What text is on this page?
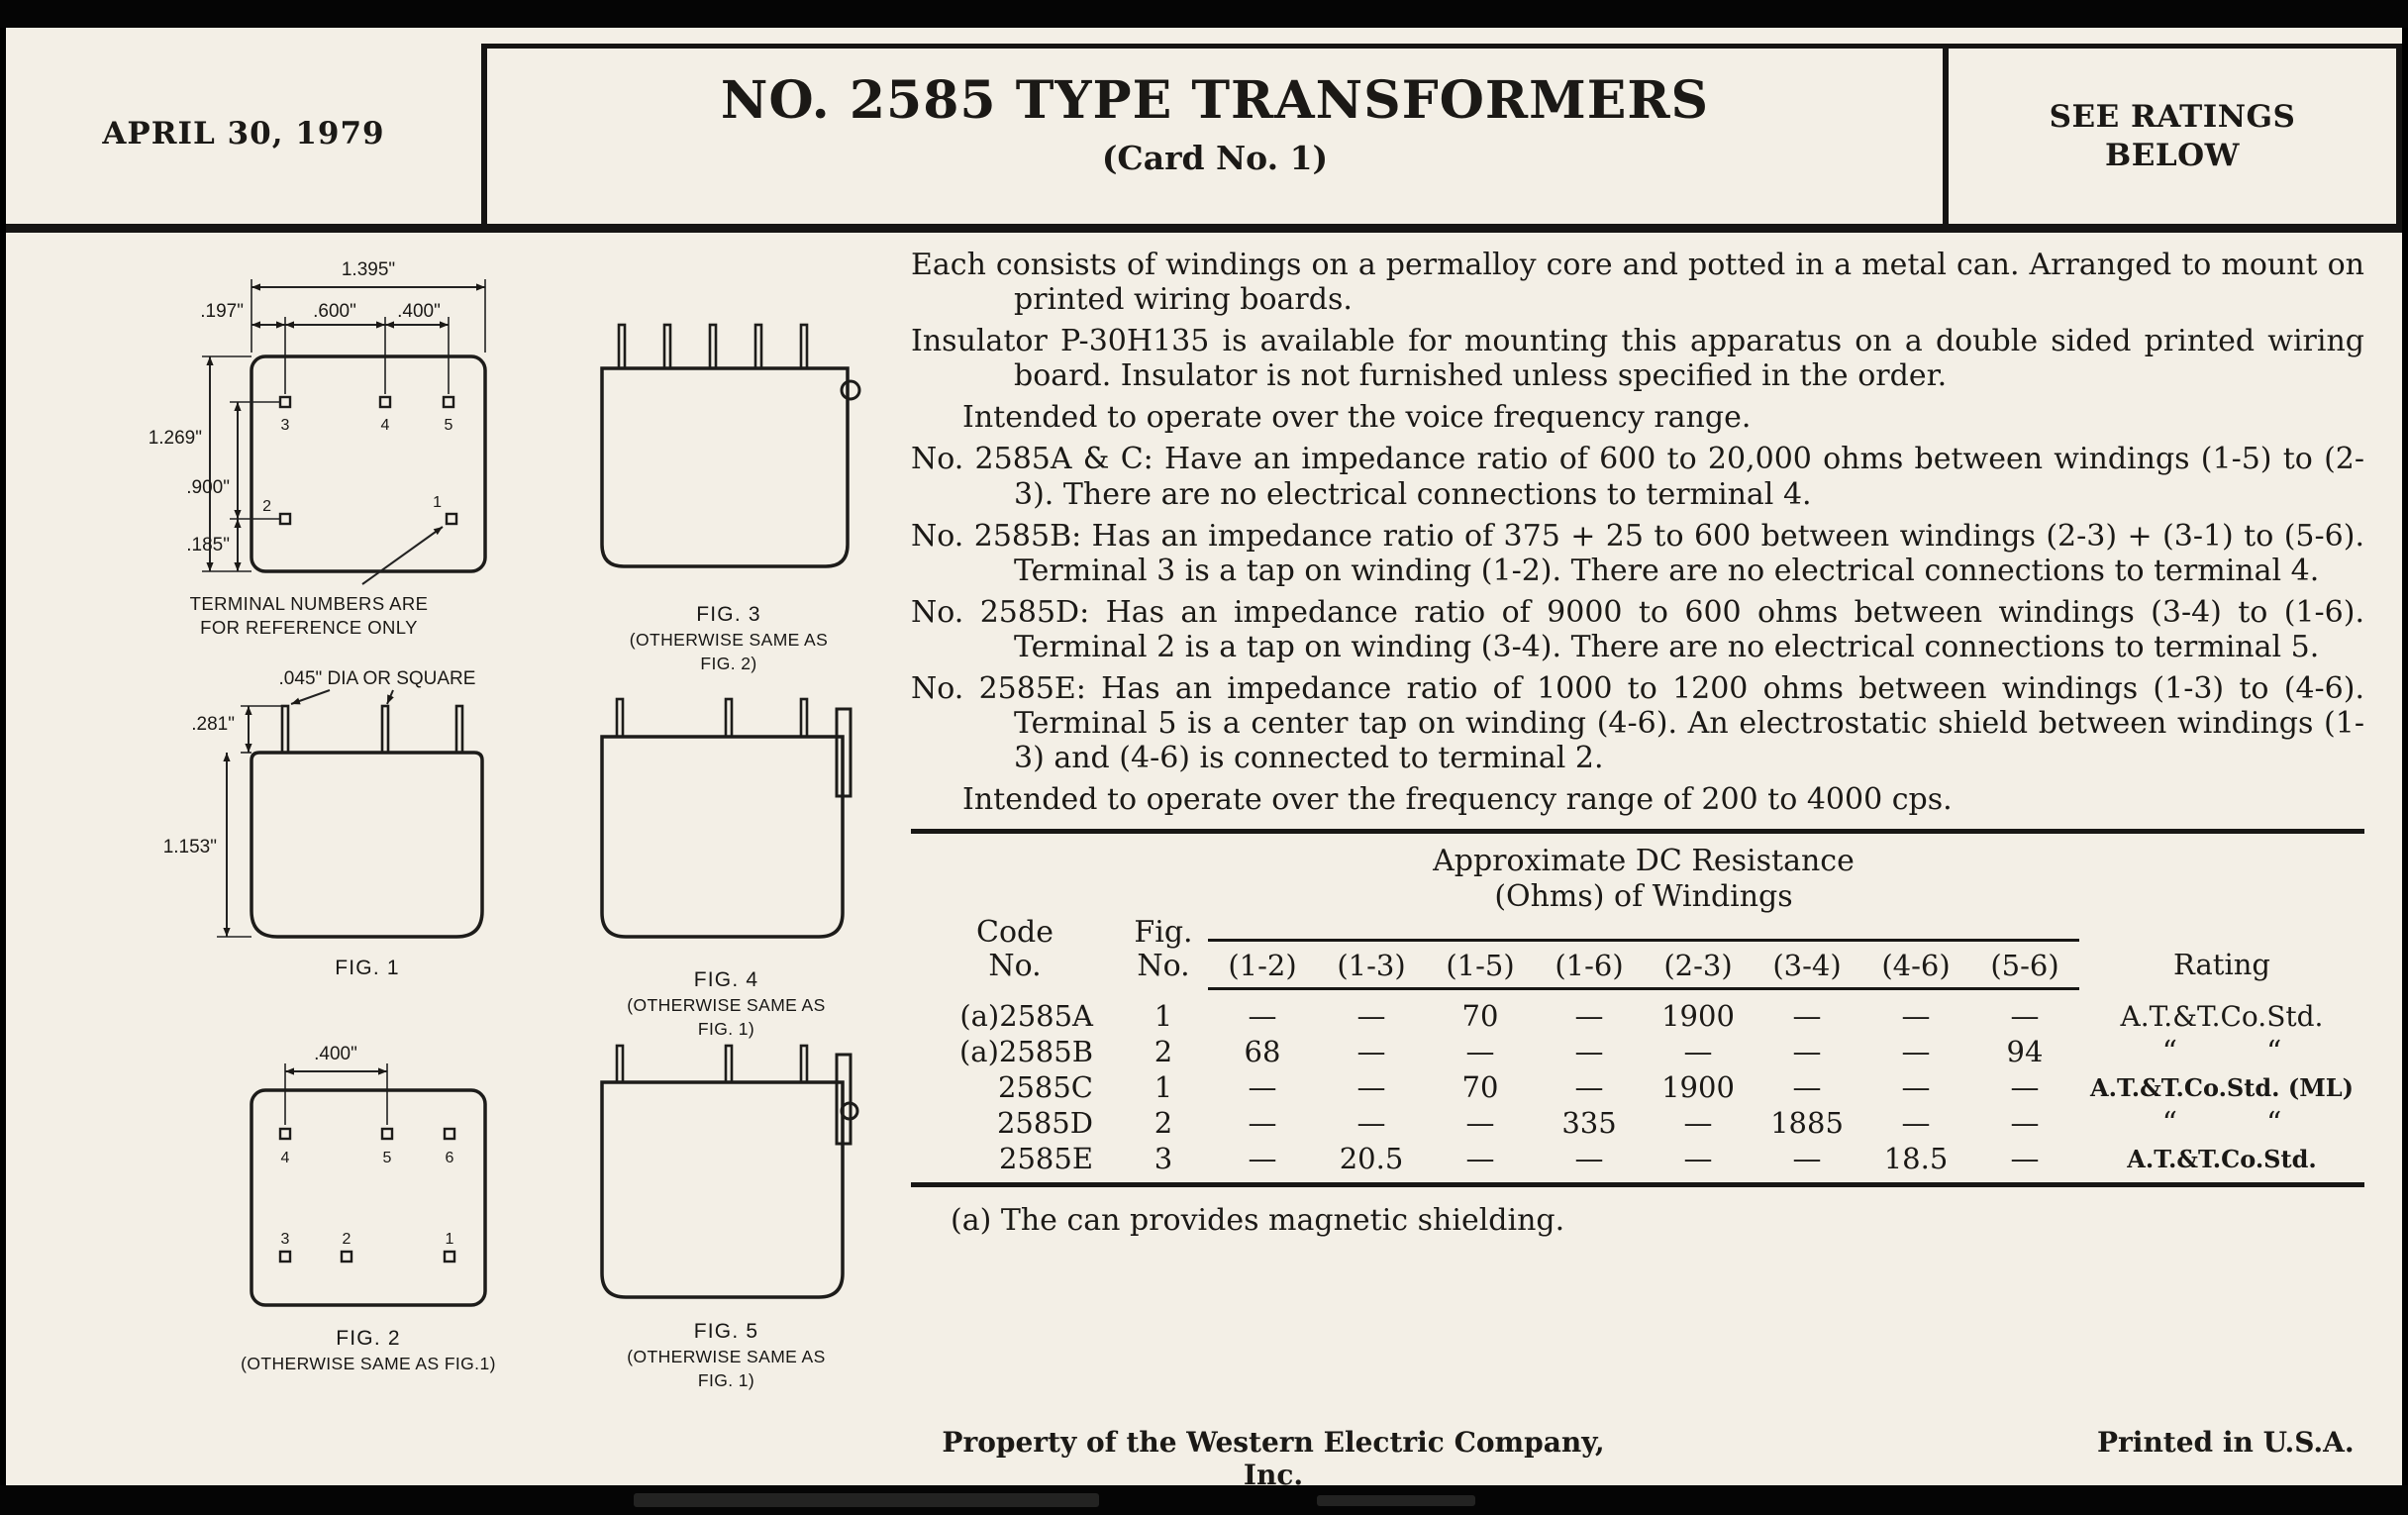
APRIL 30, 1979
NO. 2585 TYPE TRANSFORMERS
(Card No. 1)
SEE RATINGS
BELOW
1.395"
.197"	.600" .400"
3	4	5
2	1
1.269"
.900"
.185"
TERMINAL NUMBERS ARE
FOR REFERENCE ONLY
FIG. 3
(OTHERWISE SAME AS
FIG. 2)
.045" DIA OR SQUARE
.281"
1.153"
FIG. 1
FIG. 4
(OTHERWISE SAME AS
FIG. 1)
.400"
4	5	6
3	2	1
FIG. 2
(OTHERWISE SAME AS FIG.1)
FIG. 5
(OTHERWISE SAME AS
FIG. 1)
Each consists of windings on a permalloy core and potted in a metal can. Arranged to mount on printed wiring boards.
Insulator P-30H135 is available for mounting this apparatus on a double sided printed wiring board. Insulator is not furnished unless specified in the order.
Intended to operate over the voice frequency range.
No. 2585A & C: Have an impedance ratio of 600 to 20,000 ohms between windings (1-5) to (2-3). There are no electrical connections to terminal 4.
No. 2585B: Has an impedance ratio of 375 + 25 to 600 between windings (2-3) + (3-1) to (5-6). Terminal 3 is a tap on winding (1-2). There are no electrical connections to terminal 4.
No. 2585D: Has an impedance ratio of 9000 to 600 ohms between windings (3-4) to (1-6). Terminal 2 is a tap on winding (3-4). There are no electrical connections to terminal 5.
No. 2585E: Has an impedance ratio of 1000 to 1200 ohms between windings (1-3) to (4-6). Terminal 5 is a center tap on winding (4-6). An electrostatic shield between windings (1-3) and (4-6) is connected to terminal 2.
Intended to operate over the frequency range of 200 to 4000 cps.
Approximate DC Resistance
(Ohms) of Windings
Code
No.
Fig.
No.	(1-2)	(1-3)	(1-5)	(1-6)	(2-3)	(3-4)	(4-6)	(5-6)	Rating
(a)2585A	1	—	—	70	—	1900	—	—	—	A.T.&T.Co.Std.
(a)2585B	2	68	—	—	—	—	—	—	94	“   “
2585C	1	—	—	70	—	1900	—	—	—	A.T.&T.Co.Std. (ML)
2585D	2	—	—	—	335	—	1885	—	—	“   “
2585E	3	—	20.5	—	—	—	—	18.5	—	A.T.&T.Co.Std.
(a) The can provides magnetic shielding.
Property of the Western Electric Company, Inc.
Printed in U.S.A.
